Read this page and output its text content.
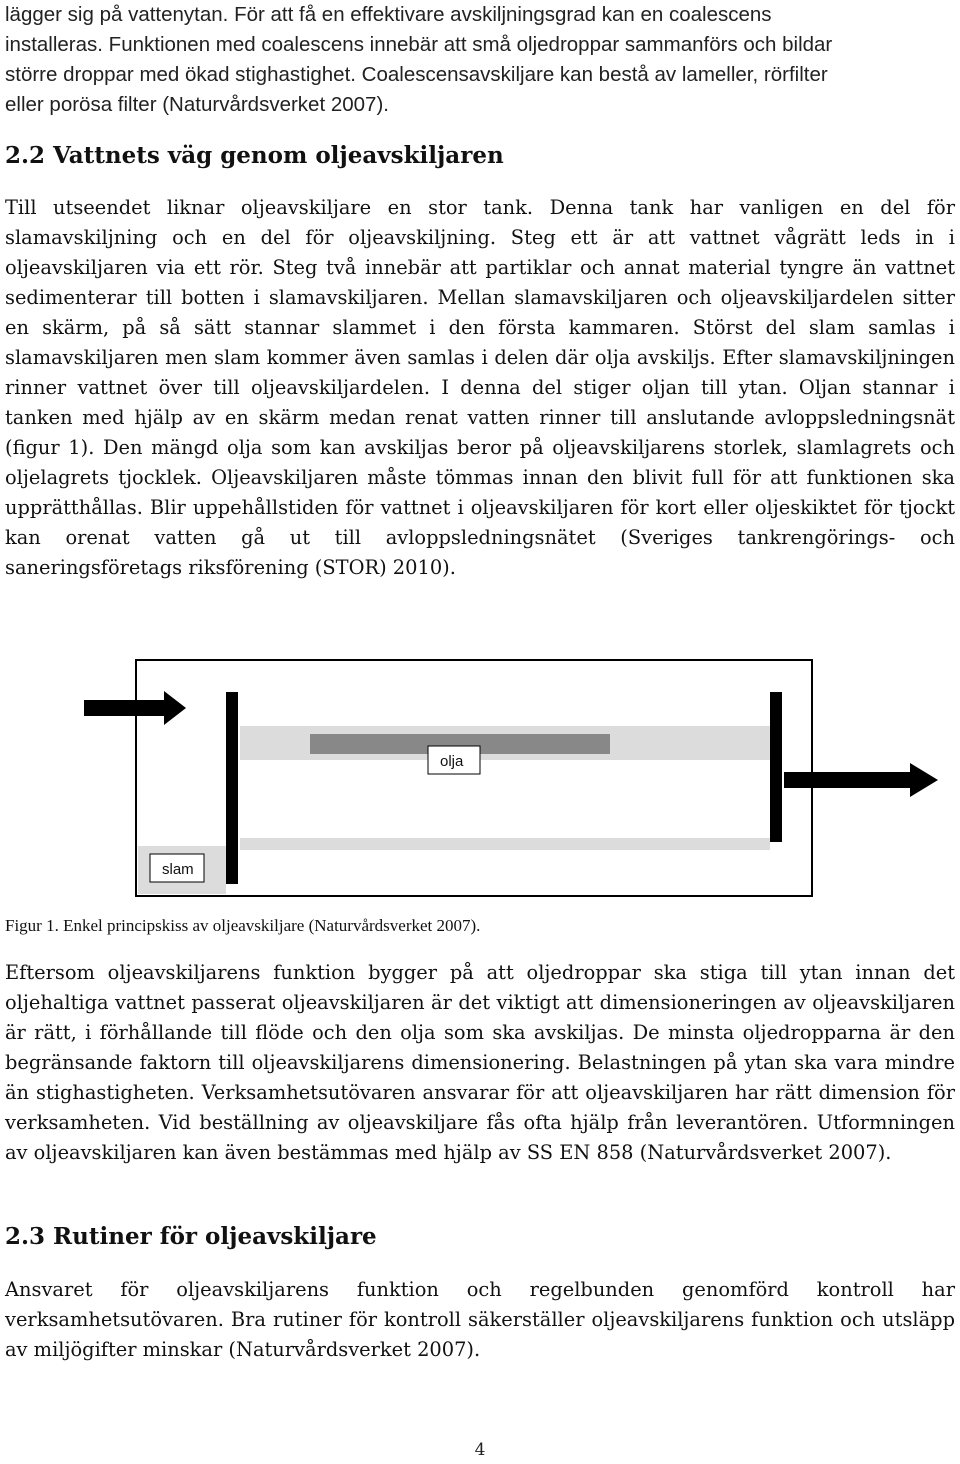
lägger sig på vattenytan. För att få en effektivare avskiljningsgrad kan en coalescens

installeras. Funktionen med coalescens innebär att små oljedroppar sammanförs och bildar

större droppar med ökad stighastighet. Coalescensavskiljare kan bestå av lameller, rörfilter

eller porösa filter (Naturvårdsverket 2007).

2.2 Vattnets väg genom oljeavskiljaren

Till utseendet liknar oljeavskiljare en stor tank. Denna tank har vanligen en del för slamavskiljning och en del för oljeavskiljning. Steg ett är att vattnet vågrätt leds in i oljeavskiljaren via ett rör. Steg två innebär att partiklar och annat material tyngre än vattnet sedimenterar till botten i slamavskiljaren. Mellan slamavskiljaren och oljeavskiljardelen sitter en skärm, på så sätt stannar slammet i den första kammaren. Störst del slam samlas i slamavskiljaren men slam kommer även samlas i delen där olja avskiljs. Efter slamavskiljningen rinner vattnet över till oljeavskiljardelen. I denna del stiger oljan till ytan. Oljan stannar i tanken med hjälp av en skärm medan renat vatten rinner till anslutande avloppsledningsnät (figur 1). Den mängd olja som kan avskiljas beror på oljeavskiljarens storlek, slamlagrets och oljelagrets tjocklek. Oljeavskiljaren måste tömmas innan den blivit full för att funktionen ska upprätthållas. Blir uppehållstiden för vattnet i oljeavskiljaren för kort eller oljeskiktet för tjockt kan orenat vatten gå ut till avloppsledningsnätet (Sveriges tankrengörings- och saneringsföretags riksförening (STOR) 2010).

Figur 1. Enkel principskiss av oljeavskiljare (Naturvårdsverket 2007).

Eftersom oljeavskiljarens funktion bygger på att oljedroppar ska stiga till ytan innan det oljehaltiga vattnet passerat oljeavskiljaren är det viktigt att dimensioneringen av oljeavskiljaren är rätt, i förhållande till flöde och den olja som ska avskiljas. De minsta oljedropparna är den begränsande faktorn till oljeavskiljarens dimensionering. Belastningen på ytan ska vara mindre än stighastigheten. Verksamhetsutövaren ansvarar för att oljeavskiljaren har rätt dimension för verksamheten. Vid beställning av oljeavskiljare fås ofta hjälp från leverantören. Utformningen av oljeavskiljaren kan även bestämmas med hjälp av SS EN 858 (Naturvårdsverket 2007).

2.3 Rutiner för oljeavskiljare

Ansvaret för oljeavskiljarens funktion och regelbunden genomförd kontroll har verksamhetsutövaren. Bra rutiner för kontroll säkerställer oljeavskiljarens funktion och utsläpp av miljögifter minskar (Naturvårdsverket 2007).

olja
slam
4
